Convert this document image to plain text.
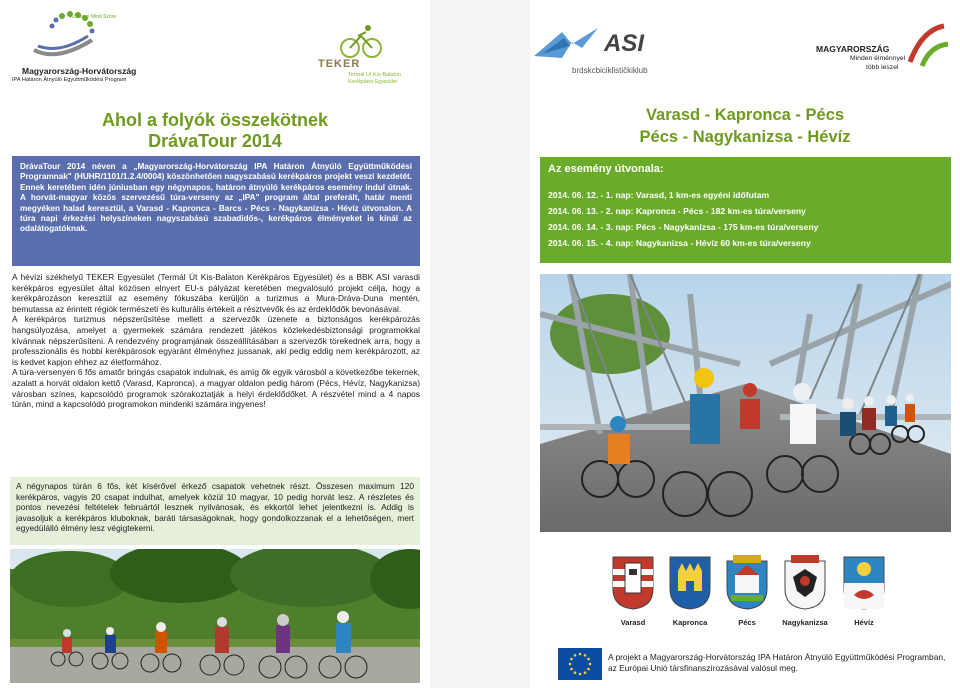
Közösen Mind Szóre
Magyarország-Horvátország
IPA Határon Átnyúló Együttműködési Program
TEKER
Termál Út Kis-Balaton
Kerékpáros Egyesület
Ahol a folyók összekötnek
DrávaTour 2014
DrávaTour 2014 néven a „Magyarország-Horvátország IPA Határon Átnyúló Együttműködési Programnak" (HUHR/1101/1.2.4/0004) köszönhetően nagyszabású kerékpáros projekt veszi kezdetét. Ennek keretében idén júniusban egy négynapos, határon átnyúló kerékpáros esemény indul útnak. A horvát-magyar közös szervezésű túra-verseny az „IPA" program által preferált, határ menti megyéken halad keresztül, a Varasd - Kapronca - Barcs - Pécs - Nagykanizsa - Hévíz útvonalon. A túra napi érkezési helyszíneken nagyszabású szabadidős-, kerékpáros élményeket is kínál az odalátogatóknak.

A hévízi székhelyű TEKER Egyesület (Termál Út Kis-Balaton Kerékpáros Egyesület) és a BBK ASI varasdi kerékpáros egyesület által közösen elnyert EU-s pályázat keretében megvalósuló projekt célja, hogy a kerékpározáson keresztül az esemény fókuszába kerüljön a turizmus a Mura-Dráva-Duna mentén, bemutassa az érintett régiók természeti és kulturális értékeit a résztvevők és az érdeklődők bevonásával.

A kerékpáros turizmus népszerűsítése mellett a szervezők üzenete a biztonságos kerékpározás hangsúlyozása, amelyet a gyermekek számára rendezett játékos közlekedésbiztonsági programokkal kívánnak népszerűsíteni. A rendezvény programjának összeállításában a szervezők törekednek arra, hogy a professzionális és hobbi kerékpárosok egyaránt élményhez jussanak, aki pedig eddig nem kerékpározott, az is kedvet kapjon ehhez az életformához.

A túra-versenyen 6 fős amatőr bringás csapatok indulnak, és amíg ők egyik városból a következőbe tekernek, azalatt a horvát oldalon kettő (Varasd, Kapronca), a magyar oldalon pedig három (Pécs, Hévíz, Nagykanizsa) városban színes, kapcsolódó programok szórakoztatják a helyi érdeklődőket. A részvétel mind a 4 napos túrán, mind a kapcsolódó programokon mindenki számára ingyenes!

A négynapos túrán 6 fős, két kísérővel érkező csapatok vehetnek részt. Összesen maximum 120 kerékpáros, vagyis 20 csapat indulhat, amelyek közül 10 magyar, 10 pedig horvát lesz. A részletes és pontos nevezési feltételek februártól lesznek nyilvánosak, és ekkortól lehet jelentkezni is. Addig is javasoljuk a kerékpáros kluboknak, baráti társaságoknak, hogy gondolkozzanak el a lehetőségen, mert egyedülálló élmény lesz végigtekerni.
ASI
brdskcbiciklističkiklub
MAGYARORSZÁG
Minden élménnyel
több leszel
Varasd - Kapronca - Pécs
Pécs - Nagykanizsa - Hévíz
Az esemény útvonala:
2014. 06. 12. - 1. nap: Varasd, 1 km-es egyéni időfutam
2014. 06. 13. - 2. nap: Kapronca - Pécs - 182 km-es túra/verseny
2014. 06. 14. - 3. nap: Pécs - Nagykanizsa - 175 km-es túra/verseny
2014. 06. 15. - 4. nap: Nagykanizsa - Hévíz 60 km-es túra/verseny
Varasd	Kapronca	Pécs	Nagykanizsa	Hévíz
A projekt a Magyarország-Horvátország IPA Határon Átnyúló Együttműködési Programban, az Európai Unió társfinanszírozásával valósul meg.
